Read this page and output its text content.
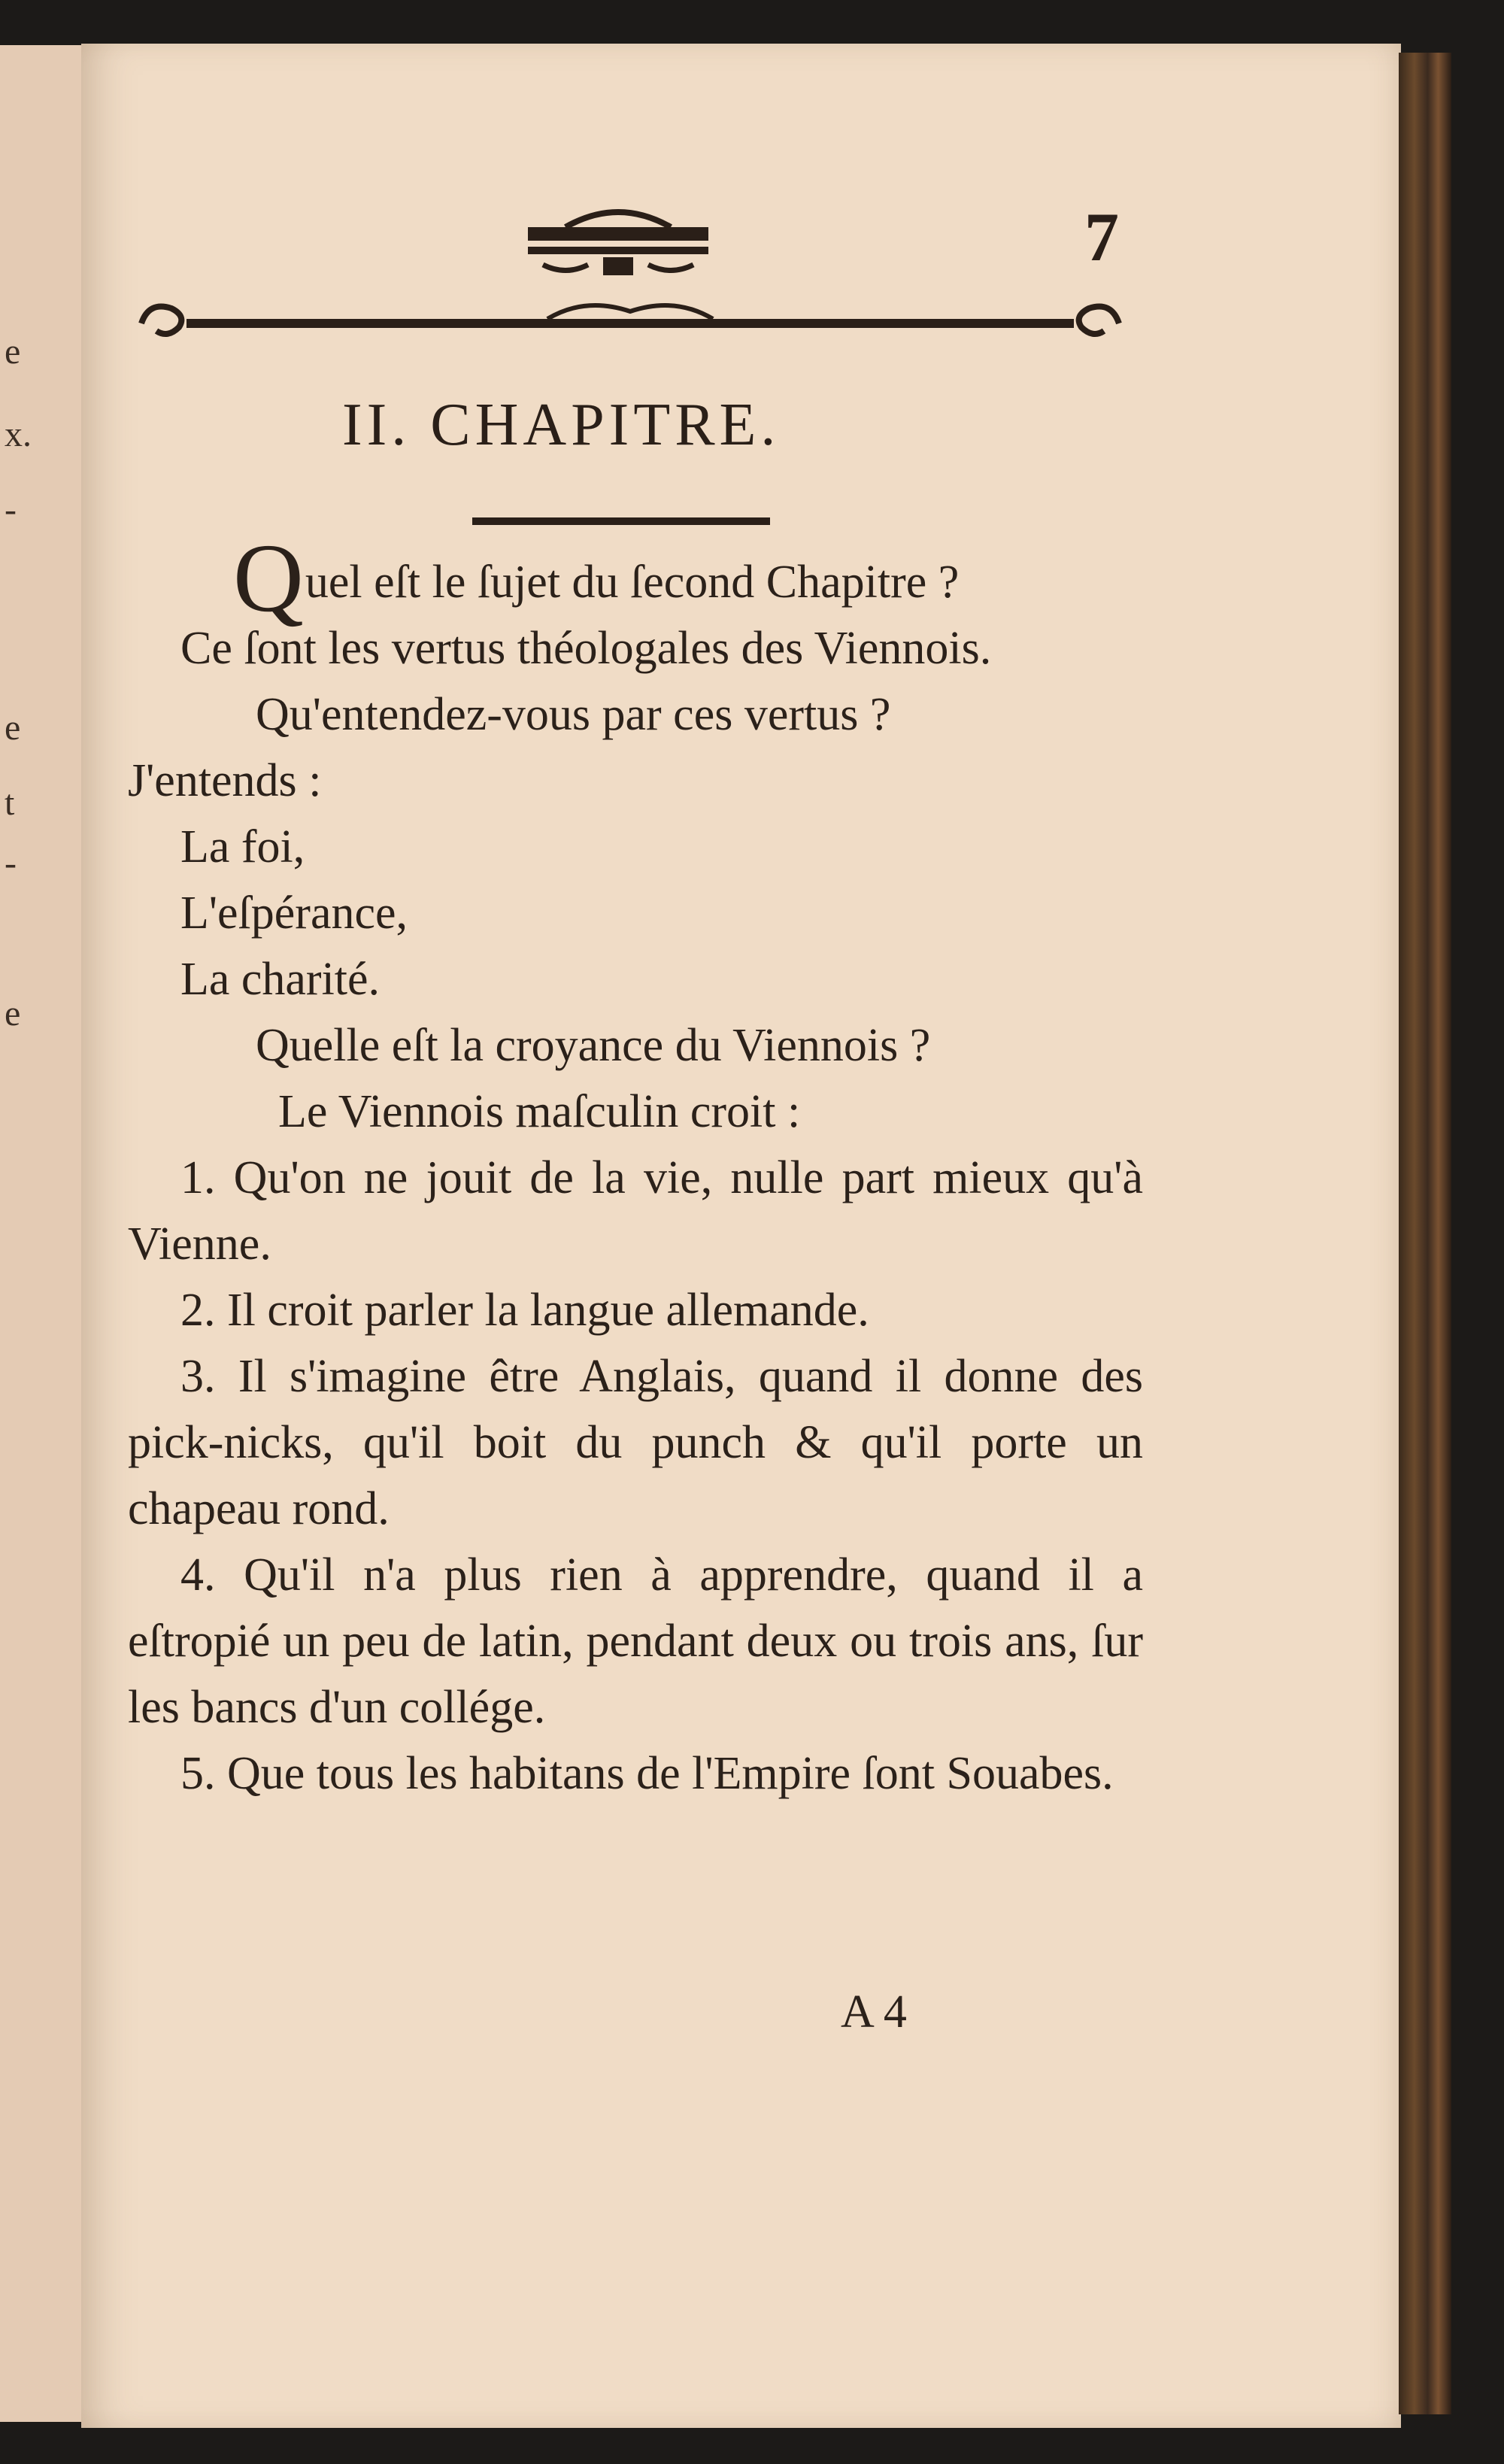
e
x.
-
e
t
-
e
7
II. CHAPITRE.

Quel eſt le ſujet du ſecond Chapitre ?

Ce ſont les vertus théologales des Viennois.

Qu'entendez-vous par ces vertus ?

J'entends :

La foi,

L'eſpérance,

La charité.

Quelle eſt la croyance du Viennois ?

Le Viennois maſculin croit :

1. Qu'on ne jouit de la vie, nulle part mieux qu'à Vienne.

2. Il croit parler la langue allemande.

3. Il s'imagine être Anglais, quand il donne des pick-nicks, qu'il boit du punch & qu'il porte un chapeau rond.

4. Qu'il n'a plus rien à apprendre, quand il a eſtropié un peu de latin, pendant deux ou trois ans, ſur les bancs d'un collége.

5. Que tous les habitans de l'Empire ſont Souabes.

A 4
